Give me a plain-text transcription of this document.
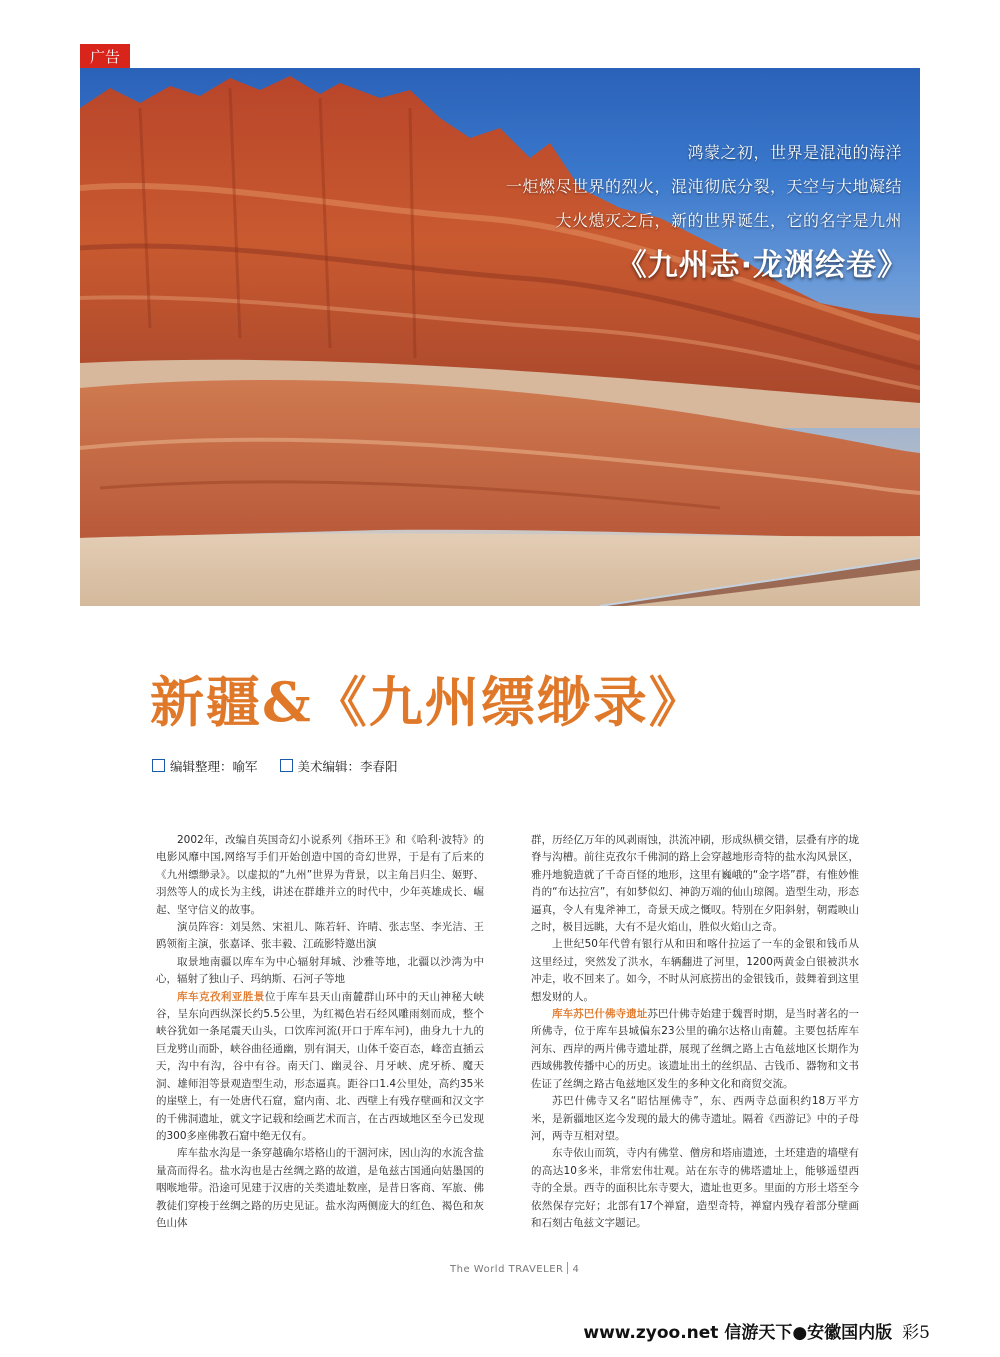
广告
鸿蒙之初，世界是混沌的海洋
一炬燃尽世界的烈火，混沌彻底分裂，天空与大地凝结
大火熄灭之后，新的世界诞生，它的名字是九州
《九州志·龙渊绘卷》
新疆&《九州缥缈录》
编辑整理：喻军	美术编辑：李春阳

2002年，改编自英国奇幻小说系列《指环王》和《哈利·波特》的电影风靡中国,网络写手们开始创造中国的奇幻世界，于是有了后来的《九州缥缈录》。以虚拟的“九州”世界为背景，以主角吕归尘、姬野、羽然等人的成长为主线，讲述在群雄并立的时代中，少年英雄成长、崛起、坚守信义的故事。

演员阵容：刘昊然、宋祖儿、陈若轩、许晴、张志坚、李光洁、王鸥领衔主演，张嘉译、张丰毅、江疏影特邀出演

取景地南疆以库车为中心辐射拜城、沙雅等地，北疆以沙湾为中心，辐射了独山子、玛纳斯、石河子等地

库车克孜利亚胜景位于库车县天山南麓群山环中的天山神秘大峡谷，呈东向西纵深长约5.5公里，为红褐色岩石经风雕雨刻而成，整个峡谷犹如一条尾震天山头，口饮库河流(开口于库车河)，曲身九十九的巨龙劈山而卧，峡谷曲径通幽，别有洞天，山体千姿百态，峰峦直插云天，沟中有沟，谷中有谷。南天门、幽灵谷、月牙峡、虎牙桥、魔天洞、雄师泪等景观造型生动，形态逼真。距谷口1.4公里处，高约35米的崖壁上，有一处唐代石窟，窟内南、北、西壁上有残存壁画和汉文字的千佛洞遗址，就文字记载和绘画艺术而言，在古西域地区至今已发现的300多座佛教石窟中绝无仅有。

库车盐水沟是一条穿越确尔塔格山的干涸河床，因山沟的水流含盐量高而得名。盐水沟也是古丝绸之路的故道，是龟兹古国通向姑墨国的咽喉地带。沿途可见建于汉唐的关类遗址数座，是昔日客商、军旅、佛教徒们穿梭于丝绸之路的历史见证。盐水沟两侧庞大的红色、褐色和灰色山体

群，历经亿万年的风剥雨蚀，洪流冲刷，形成纵横交错，层叠有序的垅脊与沟槽。前往克孜尔千佛洞的路上会穿越地形奇特的盐水沟风景区，雅丹地貌造就了千奇百怪的地形，这里有巍峨的“金字塔”群，有惟妙惟肖的“布达拉宫”，有如梦似幻、神韵万端的仙山琼阁。造型生动，形态逼真，令人有鬼斧神工，奇景天成之慨叹。特别在夕阳斜射，朝霞映山之时，极目远眺，大有不是火焰山，胜似火焰山之奇。

上世纪50年代曾有银行从和田和喀什拉运了一车的金银和钱币从这里经过，突然发了洪水，车辆翻进了河里，1200两黄金白银被洪水冲走，收不回来了。如今，不时从河底捞出的金银钱币，鼓舞着到这里想发财的人。

库车苏巴什佛寺遗址苏巴什佛寺始建于魏晋时期，是当时著名的一所佛寺，位于库车县城偏东23公里的确尔达格山南麓。主要包括库车河东、西岸的两片佛寺遗址群，展现了丝绸之路上古龟兹地区长期作为西域佛教传播中心的历史。该遗址出土的丝织品、古钱币、器物和文书佐证了丝绸之路古龟兹地区发生的多种文化和商贸交流。

苏巴什佛寺又名“昭怙厘佛寺”，东、西两寺总面积约18万平方米，是新疆地区迄今发现的最大的佛寺遗址。隔着《西游记》中的子母河，两寺互相对望。

东寺依山而筑，寺内有佛堂、僧房和塔庙遗迹，土坯建造的墙壁有的高达10多米，非常宏伟壮观。站在东寺的佛塔遗址上，能够遥望西寺的全景。西寺的面积比东寺要大，遗址也更多。里面的方形土塔至今依然保存完好；北部有17个禅窟，造型奇特，禅窟内残存着部分壁画和石刻古龟兹文字题记。

The World TRAVELER 4
www.zyoo.net 信游天下●安徽国内版 彩5
